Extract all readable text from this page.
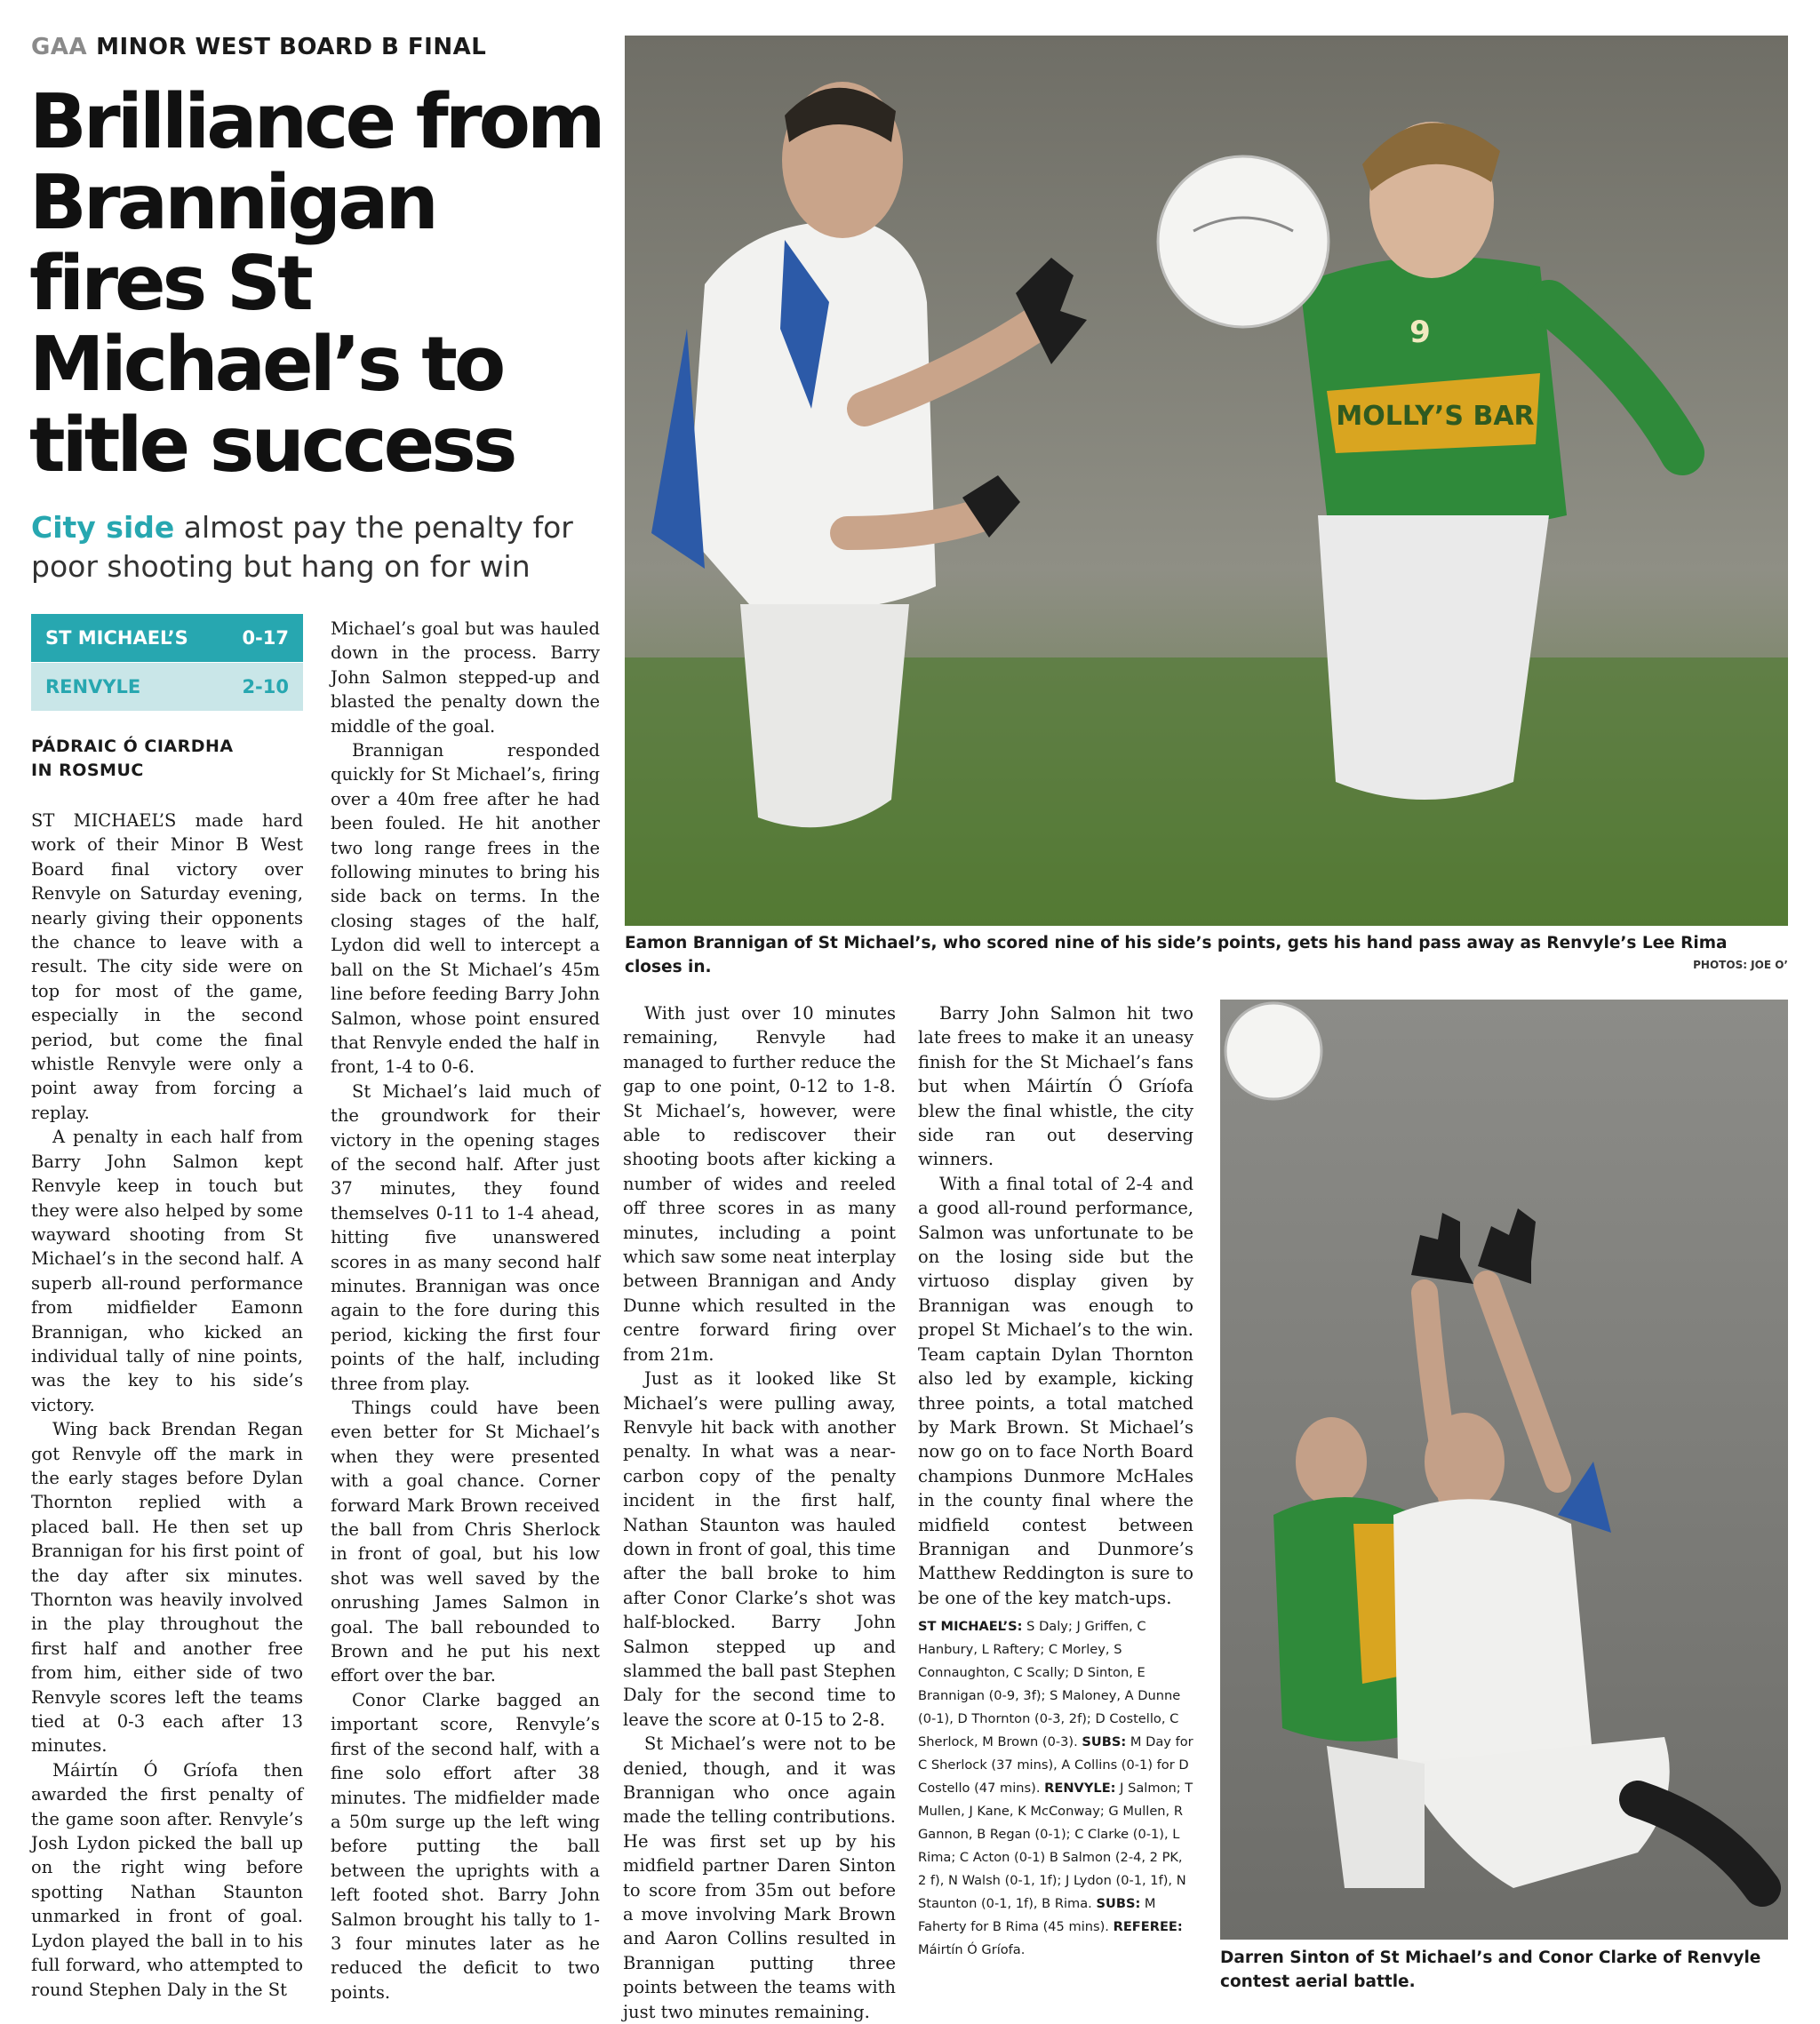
GAA MINOR WEST BOARD B FINAL
Brilliance from Brannigan fires St Michael’s to title success
City side almost pay the penalty for poor shooting but hang on for win
ST MICHAEL’S	0-17
RENVYLE	2-10
PÁDRAIC Ó CIARDHA
IN ROSMUC

ST MICHAEL’S made hard work of their Minor B West Board final victory over Renvyle on Saturday evening, nearly giving their opponents the chance to leave with a result. The city side were on top for most of the game, especially in the second period, but come the final whistle Renvyle were only a point away from forcing a replay.

A penalty in each half from Barry John Salmon kept Renvyle keep in touch but they were also helped by some wayward shooting from St Michael’s in the second half. A superb all-round performance from midfielder Eamonn Brannigan, who kicked an individual tally of nine points, was the key to his side’s victory.

Wing back Brendan Regan got Renvyle off the mark in the early stages before Dylan Thornton replied with a placed ball. He then set up Brannigan for his first point of the day after six minutes. Thornton was heavily involved in the play throughout the first half and another free from him, either side of two Renvyle scores left the teams tied at 0-3 each after 13 minutes.

Máirtín Ó Gríofa then awarded the first penalty of the game soon after. Renvyle’s Josh Lydon picked the ball up on the right wing before spotting Nathan Staunton unmarked in front of goal. Lydon played the ball in to his full forward, who attempted to round Stephen Daly in the St

Michael’s goal but was hauled down in the process. Barry John Salmon stepped-up and blasted the penalty down the middle of the goal.

Brannigan responded quickly for St Michael’s, firing over a 40m free after he had been fouled. He hit another two long range frees in the following minutes to bring his side back on terms. In the closing stages of the half, Lydon did well to intercept a ball on the St Michael’s 45m line before feeding Barry John Salmon, whose point ensured that Renvyle ended the half in front, 1-4 to 0-6.

St Michael’s laid much of the groundwork for their victory in the opening stages of the second half. After just 37 minutes, they found themselves 0-11 to 1-4 ahead, hitting five unanswered scores in as many second half minutes. Brannigan was once again to the fore during this period, kicking the first four points of the half, including three from play.

Things could have been even better for St Michael’s when they were presented with a goal chance. Corner forward Mark Brown received the ball from Chris Sherlock in front of goal, but his low shot was well saved by the onrushing James Salmon in goal. The ball rebounded to Brown and he put his next effort over the bar.

Conor Clarke bagged an important score, Renvyle’s first of the second half, with a fine solo effort after 38 minutes. The midfielder made a 50m surge up the left wing before putting the ball between the uprights with a left footed shot. Barry John Salmon brought his tally to 1-3 four minutes later as he reduced the deficit to two points.

With just over 10 minutes remaining, Renvyle had managed to further reduce the gap to one point, 0-12 to 1-8. St Michael’s, however, were able to rediscover their shooting boots after kicking a number of wides and reeled off three scores in as many minutes, including a point which saw some neat interplay between Brannigan and Andy Dunne which resulted in the centre forward firing over from 21m.

Just as it looked like St Michael’s were pulling away, Renvyle hit back with another penalty. In what was a near-carbon copy of the penalty incident in the first half, Nathan Staunton was hauled down in front of goal, this time after the ball broke to him after Conor Clarke’s shot was half-blocked. Barry John Salmon stepped up and slammed the ball past Stephen Daly for the second time to leave the score at 0-15 to 2-8.

St Michael’s were not to be denied, though, and it was Brannigan who once again made the telling contributions. He was first set up by his midfield partner Daren Sinton to score from 35m out before a move involving Mark Brown and Aaron Collins resulted in Brannigan putting three points between the teams with just two minutes remaining.

Barry John Salmon hit two late frees to make it an uneasy finish for the St Michael’s fans but when Máirtín Ó Gríofa blew the final whistle, the city side ran out deserving winners.

With a final total of 2-4 and a good all-round performance, Salmon was unfortunate to be on the losing side but the virtuoso display given by Brannigan was enough to propel St Michael’s to the win. Team captain Dylan Thornton also led by example, kicking three points, a total matched by Mark Brown. St Michael’s now go on to face North Board champions Dunmore McHales in the county final where the midfield contest between Brannigan and Dunmore’s Matthew Reddington is sure to be one of the key match-ups.

ST MICHAEL’S: S Daly; J Griffen, C Hanbury, L Raftery; C Morley, S Connaughton, C Scally; D Sinton, E Brannigan (0-9, 3f); S Maloney, A Dunne (0-1), D Thornton (0-3, 2f); D Costello, C Sherlock, M Brown (0-3). SUBS: M Day for C Sherlock (37 mins), A Collins (0-1) for D Costello (47 mins). RENVYLE: J Salmon; T Mullen, J Kane, K McConway; G Mullen, R Gannon, B Regan (0-1); C Clarke (0-1), L Rima; C Acton (0-1) B Salmon (2-4, 2 PK, 2 f), N Walsh (0-1, 1f); J Lydon (0-1, 1f), N Staunton (0-1, 1f), B Rima. SUBS: M Faherty for B Rima (45 mins). REFEREE: Máirtín Ó Gríofa.
MOLLY’S BAR
9
Eamon Brannigan of St Michael’s, who scored nine of his side’s points, gets his hand pass away as Renvyle’s Lee Rima closes in.	PHOTOS: JOE O’
Darren Sinton of St Michael’s and Conor Clarke of Renvyle contest aerial battle.
